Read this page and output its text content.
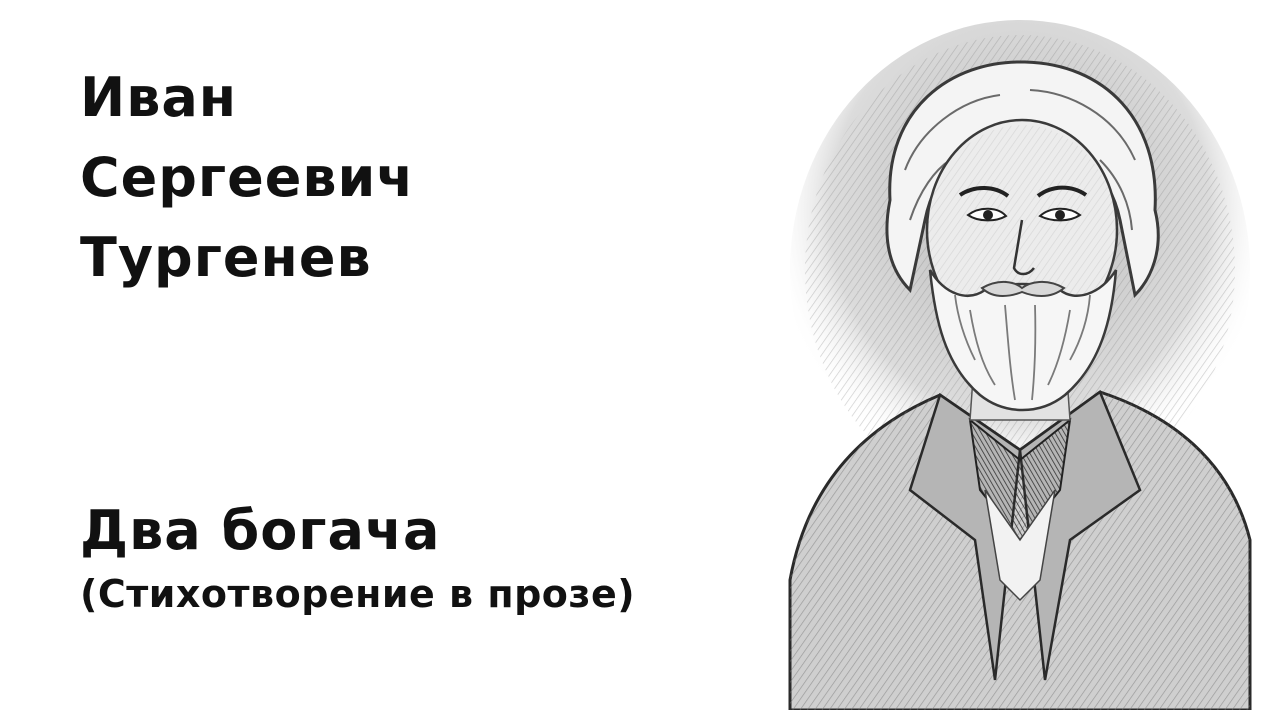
Иван
Сергеевич
Тургенев
Два богача

(Стихотворение в прозе)
